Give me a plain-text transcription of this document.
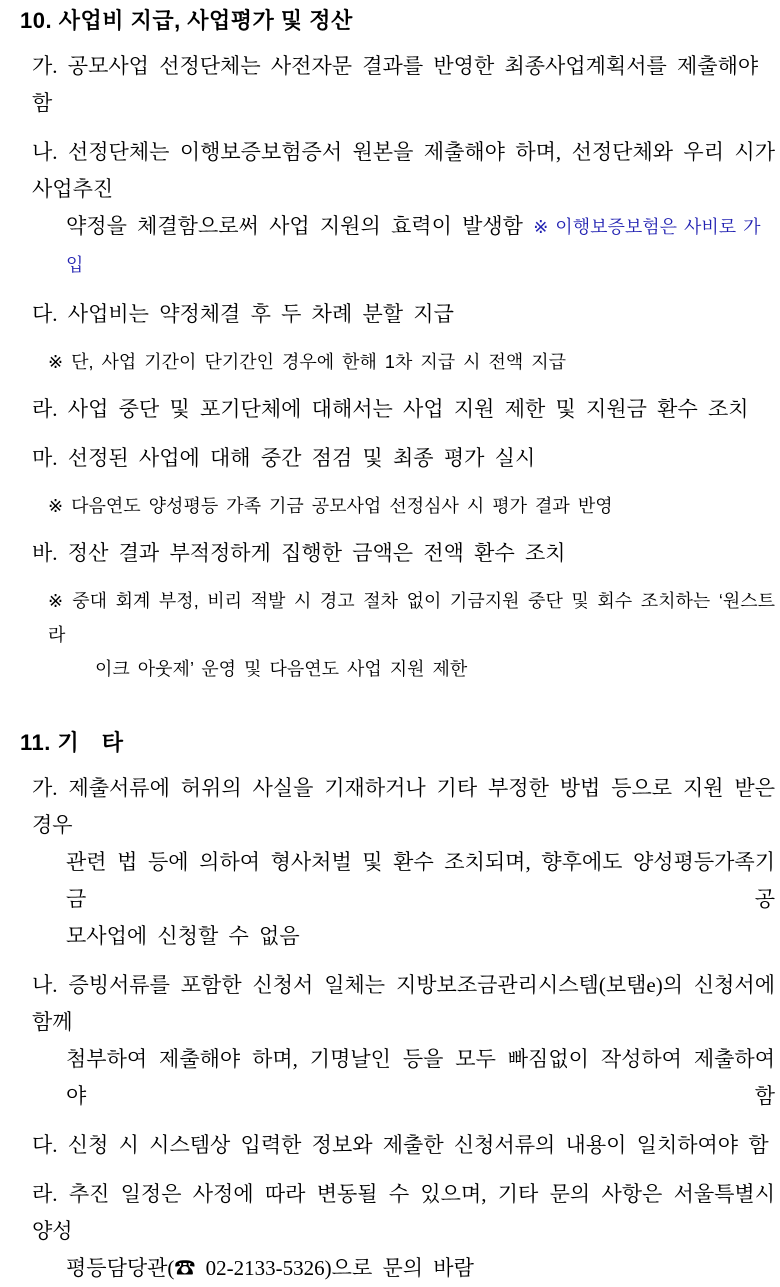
10. 사업비 지급, 사업평가 및 정산
가. 공모사업 선정단체는 사전자문 결과를 반영한 최종사업계획서를 제출해야 함
나. 선정단체는 이행보증보험증서 원본을 제출해야 하며, 선정단체와 우리 시가 사업추진
약정을 체결함으로써 사업 지원의 효력이 발생함 ※ 이행보증보험은 사비로 가입
다. 사업비는 약정체결 후 두 차례 분할 지급
※ 단, 사업 기간이 단기간인 경우에 한해 1차 지급 시 전액 지급
라. 사업 중단 및 포기단체에 대해서는 사업 지원 제한 및 지원금 환수 조치
마. 선정된 사업에 대해 중간 점검 및 최종 평가 실시
※ 다음연도 양성평등 가족 기금 공모사업 선정심사 시 평가 결과 반영
바. 정산 결과 부적정하게 집행한 금액은 전액 환수 조치
※ 중대 회계 부정, 비리 적발 시 경고 절차 없이 기금지원 중단 및 회수 조치하는 ‘원스트라
이크 아웃제’ 운영 및 다음연도 사업 지원 제한
11. 기 타
가. 제출서류에 허위의 사실을 기재하거나 기타 부정한 방법 등으로 지원 받은 경우
관련 법 등에 의하여 형사처벌 및 환수 조치되며, 향후에도 양성평등가족기금 공
모사업에 신청할 수 없음
나. 증빙서류를 포함한 신청서 일체는 지방보조금관리시스템(보탬e)의 신청서에 함께
첨부하여 제출해야 하며, 기명날인 등을 모두 빠짐없이 작성하여 제출하여야 함
다. 신청 시 시스템상 입력한 정보와 제출한 신청서류의 내용이 일치하여야 함
라. 추진 일정은 사정에 따라 변동될 수 있으며, 기타 문의 사항은 서울특별시 양성
평등담당관(☎ 02-2133-5326)으로 문의 바람
